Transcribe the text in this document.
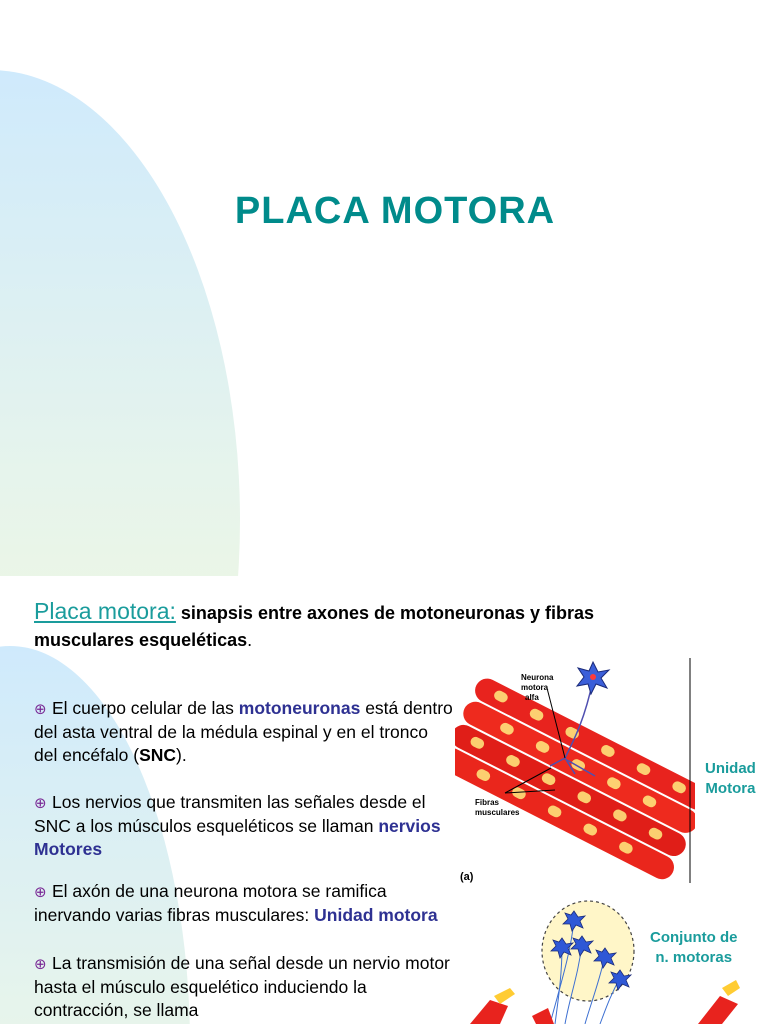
PLACA MOTORA
Placa motora: sinapsis entre axones de motoneuronas y fibras musculares esqueléticas.
⊕ El cuerpo celular de las motoneuronas está dentro del asta ventral de la médula espinal y en el tronco del encéfalo (SNC).
⊕ Los nervios que transmiten las señales desde el SNC a los músculos esqueléticos se llaman nervios Motores
⊕ El axón de una neurona motora se ramifica inervando varias fibras musculares: Unidad motora
⊕ La transmisión de una señal desde un nervio motor hasta el músculo esquelético induciendo la contracción, se llama
Neurona motora alfa
Fibras musculares
(a)
Unidad
Motora
Conjunto de
n. motoras
